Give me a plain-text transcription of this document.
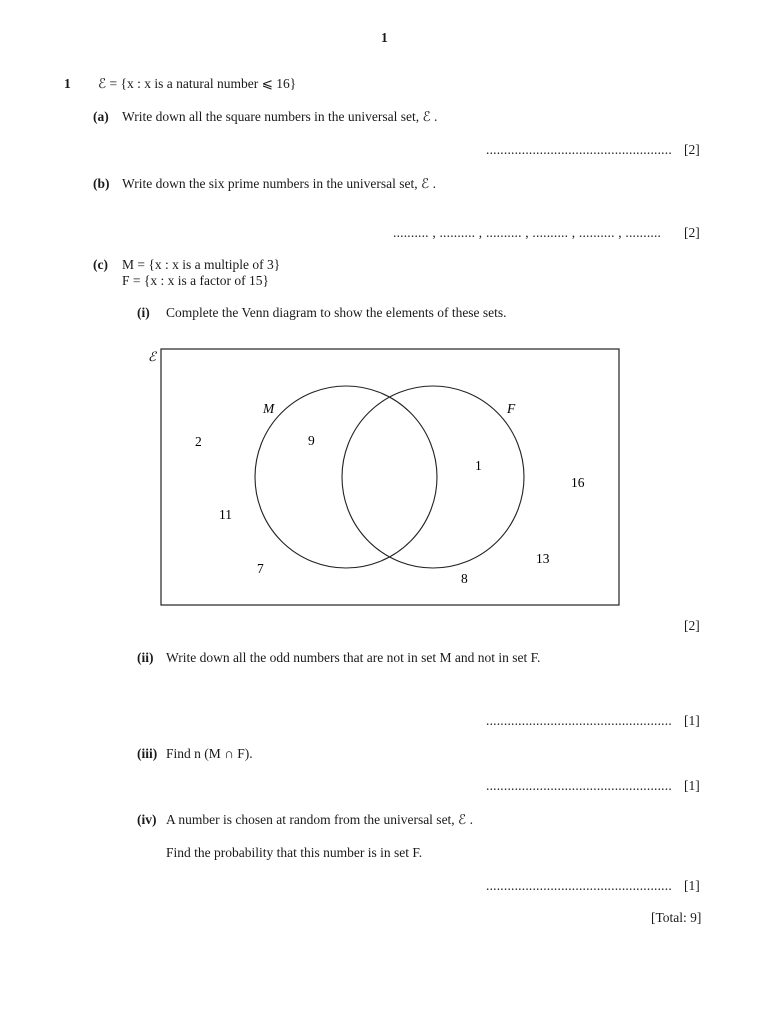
1
1 ℰ = {x : x is a natural number ⩽ 16}
(a) Write down all the square numbers in the universal set, ℰ .
.................................................... [2]
(b) Write down the six prime numbers in the universal set, ℰ .
.......... , .......... , .......... , .......... , .......... , .......... [2]
(c) M = {x : x is a multiple of 3}
F = {x : x is a factor of 15}
(i) Complete the Venn diagram to show the elements of these sets.
ℰ
M	F
2	9
1
16
11
7
13
8
[2]
(ii) Write down all the odd numbers that are not in set M and not in set F.
.................................................... [1]
(iii) Find n (M ∩ F).
.................................................... [1]
(iv) A number is chosen at random from the universal set, ℰ .
Find the probability that this number is in set F.
.................................................... [1]
[Total: 9]
